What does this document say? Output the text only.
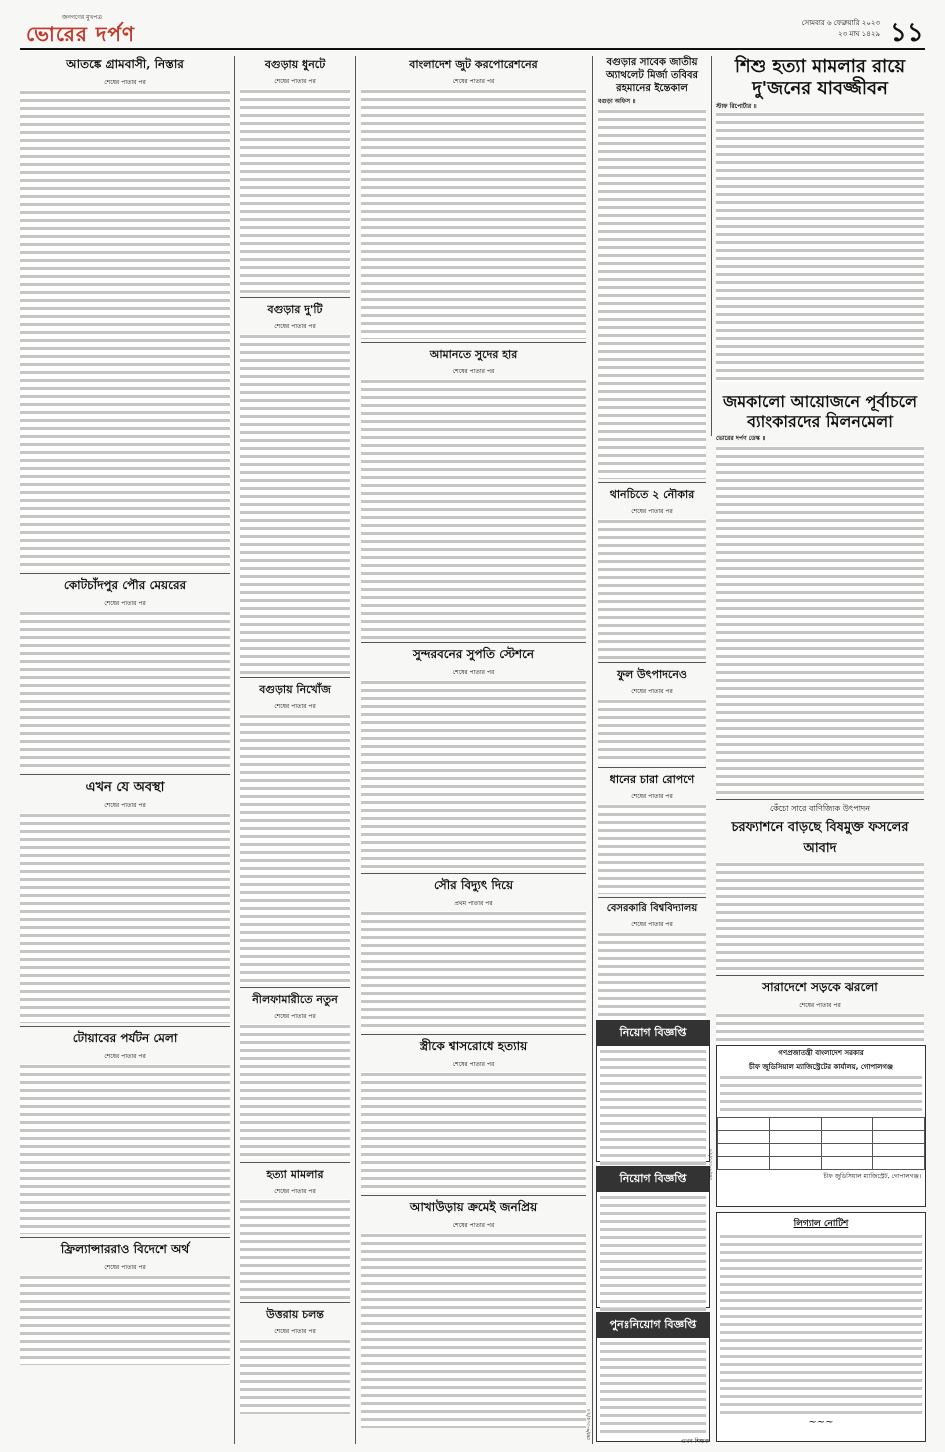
জনগণের মুখপত্র
ভোরের দর্পণ	সোমবার ৬ ফেব্রুয়ারি ২০২৩
২৩ মাঘ ১৪২৯ ১১
আতঙ্কে গ্রামবাসী, নিস্তার
শেষের পাতার পর
কোটচাঁদপুর পৌর মেয়রের
শেষের পাতার পর
এখন যে অবস্থা
শেষের পাতার পর
টোয়াবের পর্যটন মেলা
শেষের পাতার পর
ফ্রিল্যান্সাররাও বিদেশে অর্থ
শেষের পাতার পর
বগুড়ায় ধুনটে
শেষের পাতার পর
বগুড়ার দু'টি
শেষের পাতার পর
বগুড়ায় নিখোঁজ
শেষের পাতার পর
নীলফামারীতে নতুন
শেষের পাতার পর
হত্যা মামলার
শেষের পাতার পর
উত্তরায় চলন্ত
শেষের পাতার পর
বাংলাদেশ জুট করপোরেশনের
শেষের পাতার পর
আমানতে সুদের হার
শেষের পাতার পর
সুন্দরবনের সুপতি স্টেশনে
শেষের পাতার পর
সৌর বিদ্যুৎ দিয়ে
প্রথম পাতার পর
স্ত্রীকে শ্বাসরোধে হত্যায়
শেষের পাতার পর
আখাউড়ায় ক্রমেই জনপ্রিয়
শেষের পাতার পর
বগুড়ার সাবেক জাতীয় অ্যাথলেট মির্জা তবিবর রহমানের ইন্তেকাল
বগুড়া অফিস ॥
থানচিতে ২ নৌকার
শেষের পাতার পর
ফুল উৎপাদনেও
শেষের পাতার পর
ধানের চারা রোপণে
শেষের পাতার পর
বেসরকারি বিশ্ববিদ্যালয়
শেষের পাতার পর
নিয়োগ বিজ্ঞপ্তি
নিয়োগ বিজ্ঞপ্তি
পুনঃনিয়োগ বিজ্ঞপ্তি
এখন শিক্ষক
শিশু হত্যা মামলার রায়ে দু'জনের যাবজ্জীবন
স্টাফ রিপোর্টার ॥
জমকালো আয়োজনে পূর্বাচলে ব্যাংকারদের মিলনমেলা
ভোরের দর্পণ ডেস্ক ॥
কেঁচো সারে বাণিজ্যিক উৎপাদন
চরফ্যাশনে বাড়ছে বিষমুক্ত ফসলের আবাদ
সারাদেশে সড়কে ঝরলো
শেষের পাতার পর
গণপ্রজাতন্ত্রী বাংলাদেশ সরকার
চীফ জুডিসিয়াল ম্যাজিস্ট্রেটের কার্যালয়, গোপালগঞ্জ

চীফ জুডিসিয়াল ম্যাজিস্ট্রেট, গোপালগঞ্জ।
লিগ্যাল নোটিশ
~~~
ভো/দ-৩০০/২৩
ভো/দ-৩০৫/২৩
